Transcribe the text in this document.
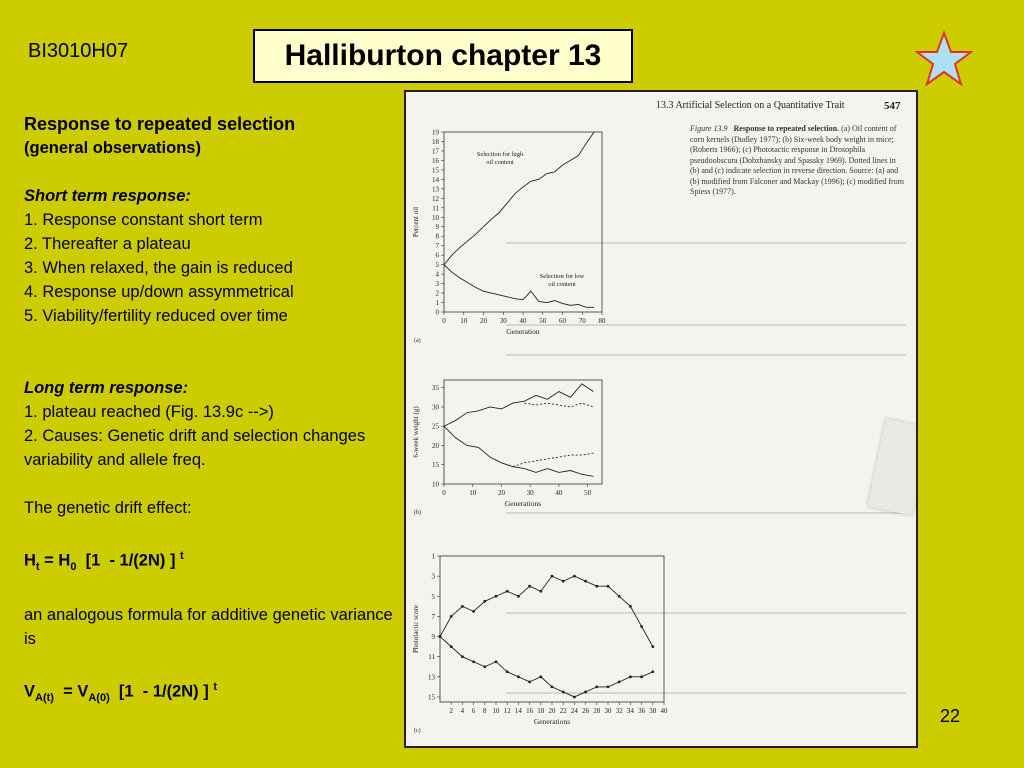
BI3010H07	Halliburton chapter 13

Response to repeated selection

(general observations)

Short term response:

1. Response constant short term

2. Thereafter a plateau

3. When relaxed, the gain is reduced

4. Response up/down assymmetrical

5. Viability/fertility reduced over time

Long term response:

1. plateau reached (Fig. 13.9c -->)

2. Causes: Genetic drift and selection changes variability and allele freq.

The genetic drift effect:

$H_t = H_0$  [1  - 1/(2N) ] $^t$

an analogous formula for additive genetic variance is

$V_{A(t)} = V_{A(0)}$  [1  - 1/(2N) ] $^t$

13.3 Artificial Selection on a Quantitative Trait	547
Figure 13.9 Response to repeated selection. (a) Oil content of corn kernels (Dudley 1977); (b) Six-week body weight in mice; (Roberts 1966); (c) Phototactic response in Drosophila pseudoobscura (Dobzhansky and Spassky 1969). Dotted lines in (b) and (c) indicate selection in reverse direction. Source: (a) and (b) modified from Falconer and Mackay (1996); (c) modified from Spiess (1977).
0 10 20 30 40 50 60 70 80
0
1
2
3
4
5
6
7
8
9
10
11
12
13
14
15
16
17
18
19
Generation
Percent oil
(a)
Selection for high
oil content
Selection for low
oil content
0	10	20	30	40	50
10
15
20
25
30
35
Generations
6-week weight (g)
(b)
2 4 6 8 10 12 14 16 18 20 22 24 26 28 30 32 34 36 38 40
1
3
5
7
9
11
13
15
Generations
Phototactic score
(c)
22
